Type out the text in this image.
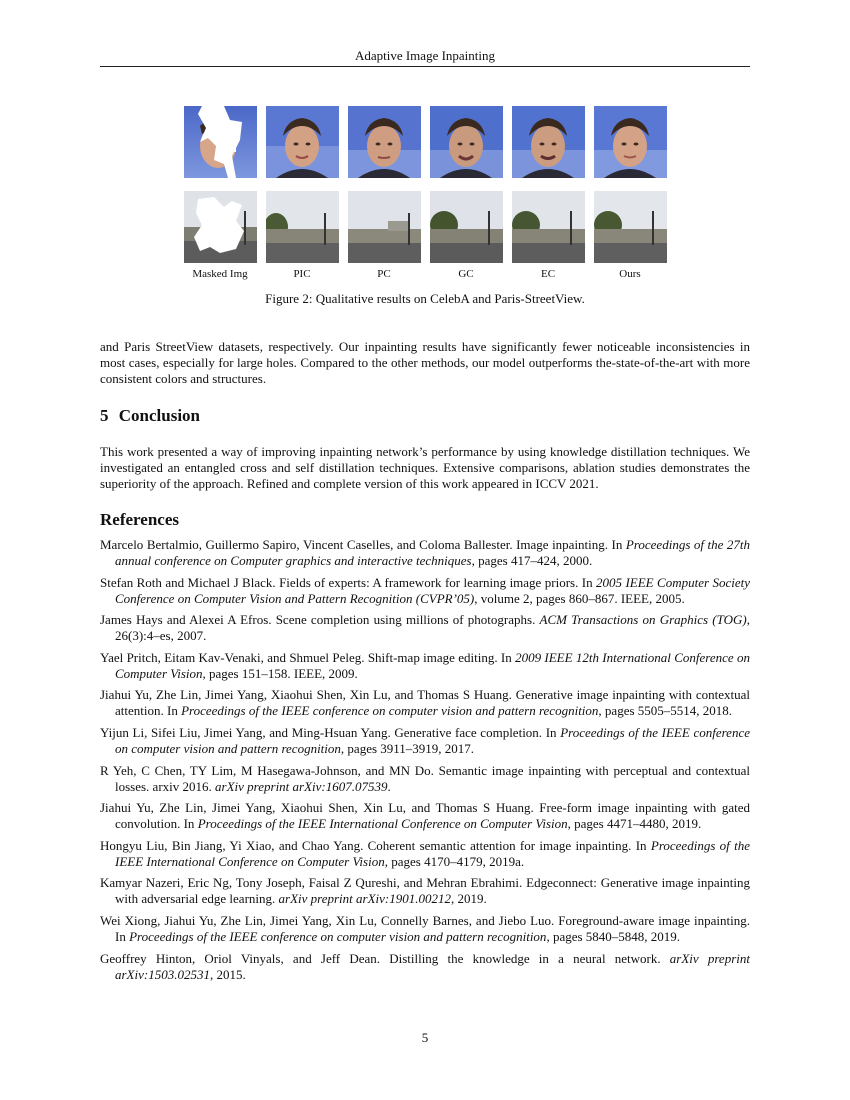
Adaptive Image Inpainting
Masked Img	PIC	PC	GC	EC	Ours
Figure 2: Qualitative results on CelebA and Paris-StreetView.

and Paris StreetView datasets, respectively. Our inpainting results have significantly fewer noticeable inconsistencies in most cases, especially for large holes. Compared to the other methods, our model outperforms the-state-of-the-art with more consistent colors and structures.

5 Conclusion

This work presented a way of improving inpainting network’s performance by using knowledge distillation techniques. We investigated an entangled cross and self distillation techniques. Extensive comparisons, ablation studies demonstrates the superiority of the approach. Refined and complete version of this work appeared in ICCV 2021.

References
Marcelo Bertalmio, Guillermo Sapiro, Vincent Caselles, and Coloma Ballester. Image inpainting. In Proceedings of the 27th annual conference on Computer graphics and interactive techniques, pages 417–424, 2000.
Stefan Roth and Michael J Black. Fields of experts: A framework for learning image priors. In 2005 IEEE Computer Society Conference on Computer Vision and Pattern Recognition (CVPR’05), volume 2, pages 860–867. IEEE, 2005.
James Hays and Alexei A Efros. Scene completion using millions of photographs. ACM Transactions on Graphics (TOG), 26(3):4–es, 2007.
Yael Pritch, Eitam Kav-Venaki, and Shmuel Peleg. Shift-map image editing. In 2009 IEEE 12th International Conference on Computer Vision, pages 151–158. IEEE, 2009.
Jiahui Yu, Zhe Lin, Jimei Yang, Xiaohui Shen, Xin Lu, and Thomas S Huang. Generative image inpainting with contextual attention. In Proceedings of the IEEE conference on computer vision and pattern recognition, pages 5505–5514, 2018.
Yijun Li, Sifei Liu, Jimei Yang, and Ming-Hsuan Yang. Generative face completion. In Proceedings of the IEEE conference on computer vision and pattern recognition, pages 3911–3919, 2017.
R Yeh, C Chen, TY Lim, M Hasegawa-Johnson, and MN Do. Semantic image inpainting with perceptual and contextual losses. arxiv 2016. arXiv preprint arXiv:1607.07539.
Jiahui Yu, Zhe Lin, Jimei Yang, Xiaohui Shen, Xin Lu, and Thomas S Huang. Free-form image inpainting with gated convolution. In Proceedings of the IEEE International Conference on Computer Vision, pages 4471–4480, 2019.
Hongyu Liu, Bin Jiang, Yi Xiao, and Chao Yang. Coherent semantic attention for image inpainting. In Proceedings of the IEEE International Conference on Computer Vision, pages 4170–4179, 2019a.
Kamyar Nazeri, Eric Ng, Tony Joseph, Faisal Z Qureshi, and Mehran Ebrahimi. Edgeconnect: Generative image inpainting with adversarial edge learning. arXiv preprint arXiv:1901.00212, 2019.
Wei Xiong, Jiahui Yu, Zhe Lin, Jimei Yang, Xin Lu, Connelly Barnes, and Jiebo Luo. Foreground-aware image inpainting. In Proceedings of the IEEE conference on computer vision and pattern recognition, pages 5840–5848, 2019.
Geoffrey Hinton, Oriol Vinyals, and Jeff Dean. Distilling the knowledge in a neural network. arXiv preprint arXiv:1503.02531, 2015.
5
